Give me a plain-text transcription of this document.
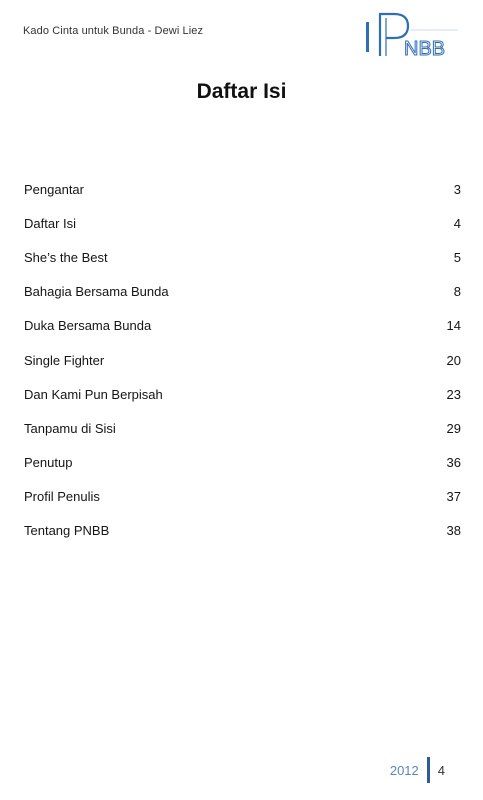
Kado Cinta untuk Bunda - Dewi Liez
NBB
Daftar Isi
Pengantar	3
Daftar Isi	4
She’s the Best	5
Bahagia Bersama Bunda	8
Duka Bersama Bunda	14
Single Fighter	20
Dan Kami Pun Berpisah	23
Tanpamu di Sisi	29
Penutup	36
Profil Penulis	37
Tentang PNBB	38
2012	4
